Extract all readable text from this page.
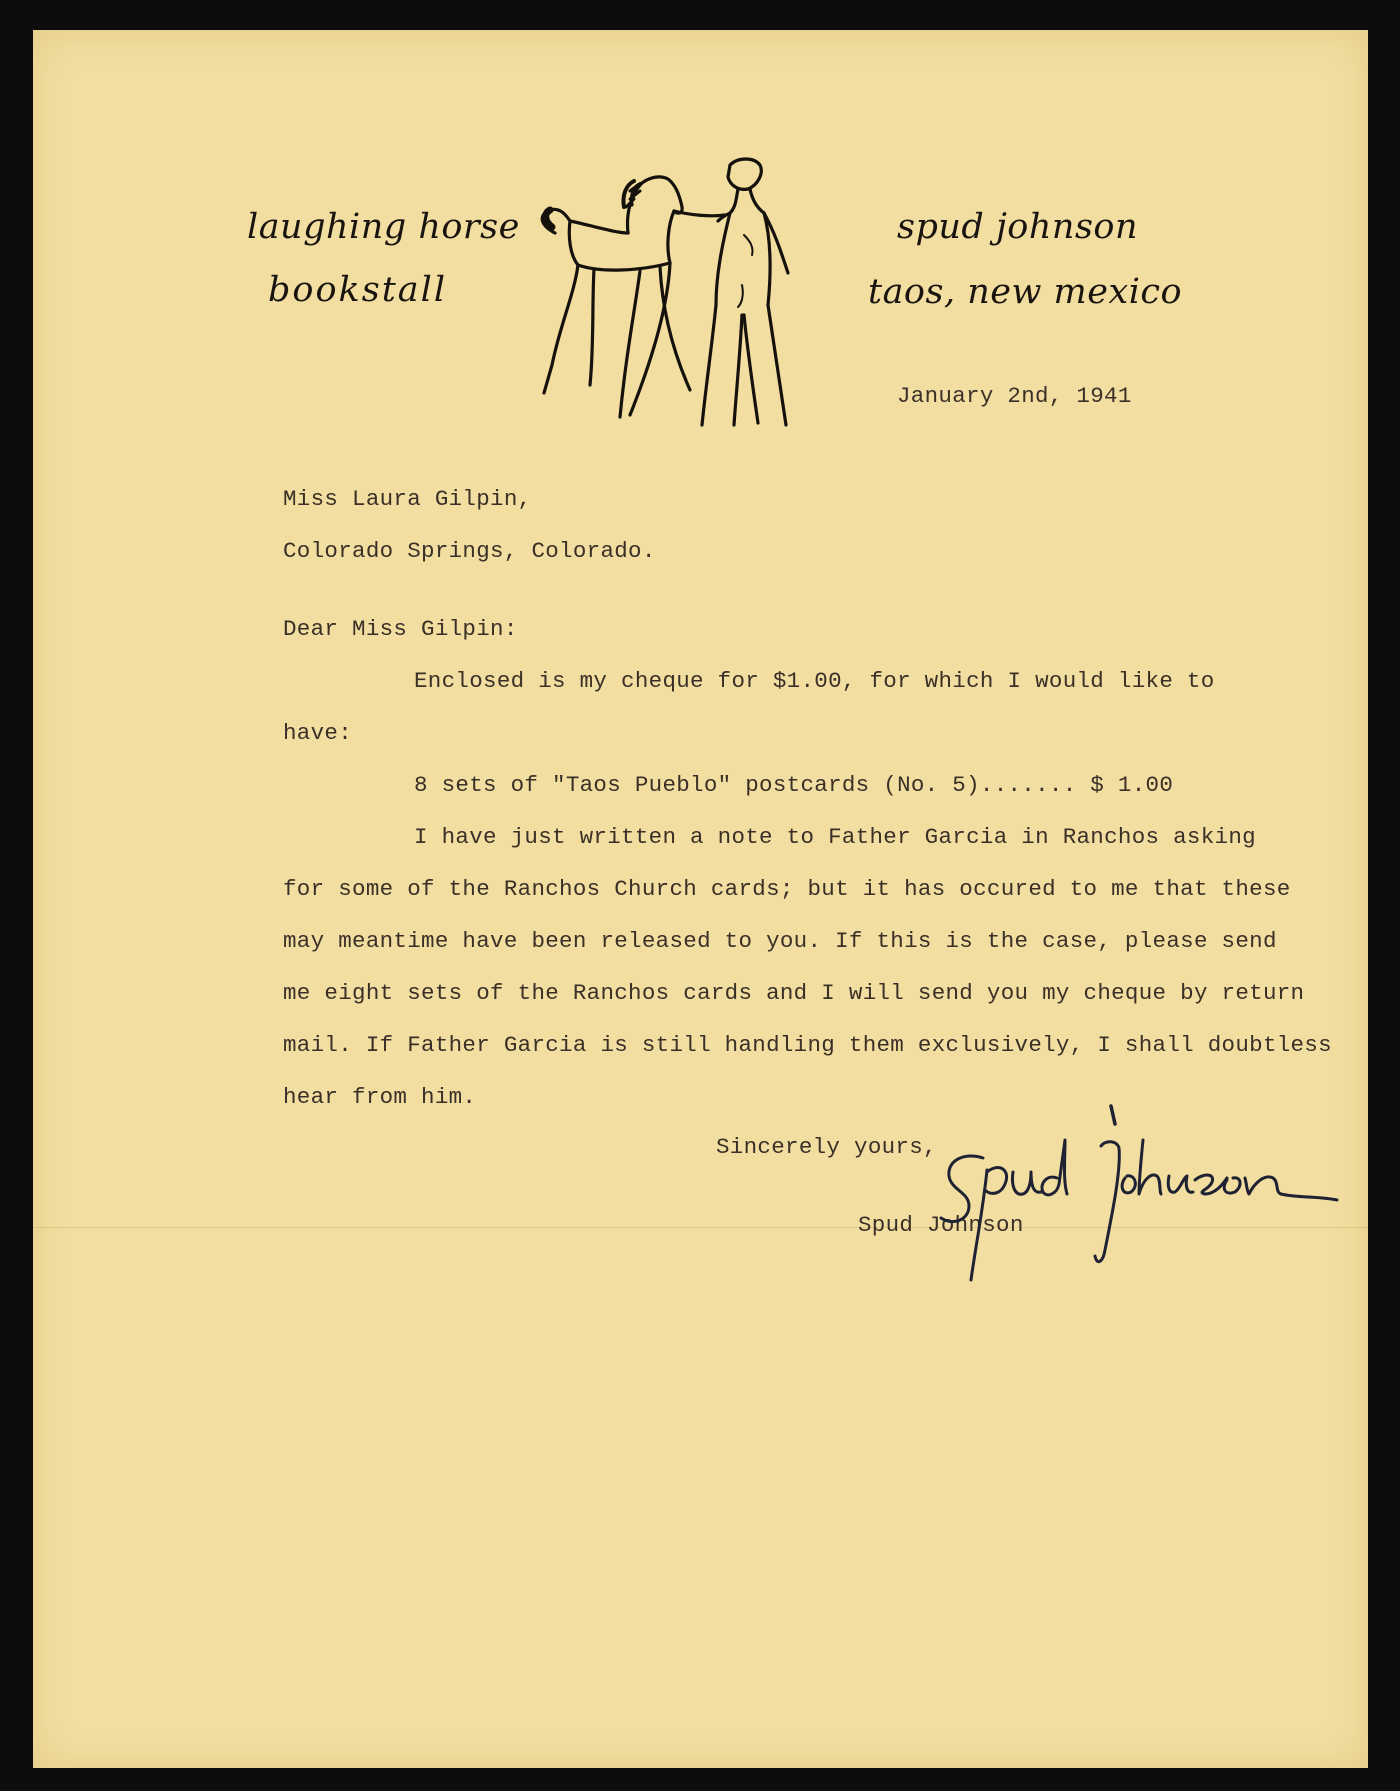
laughing horse
bookstall
spud johnson
taos, new mexico
January 2nd, 1941
Miss Laura Gilpin,
Colorado Springs, Colorado.
Dear Miss Gilpin:
Enclosed is my cheque for $1.00, for which I would like to
have:
8 sets of "Taos Pueblo" postcards (No. 5)....... $ 1.00
I have just written a note to Father Garcia in Ranchos asking
for some of the Ranchos Church cards; but it has occured to me that these
may meantime have been released to you. If this is the case, please send
me eight sets of the Ranchos cards and I will send you my cheque by return
mail. If Father Garcia is still handling them exclusively, I shall doubtless
hear from him.
Sincerely yours,
Spud Johnson
